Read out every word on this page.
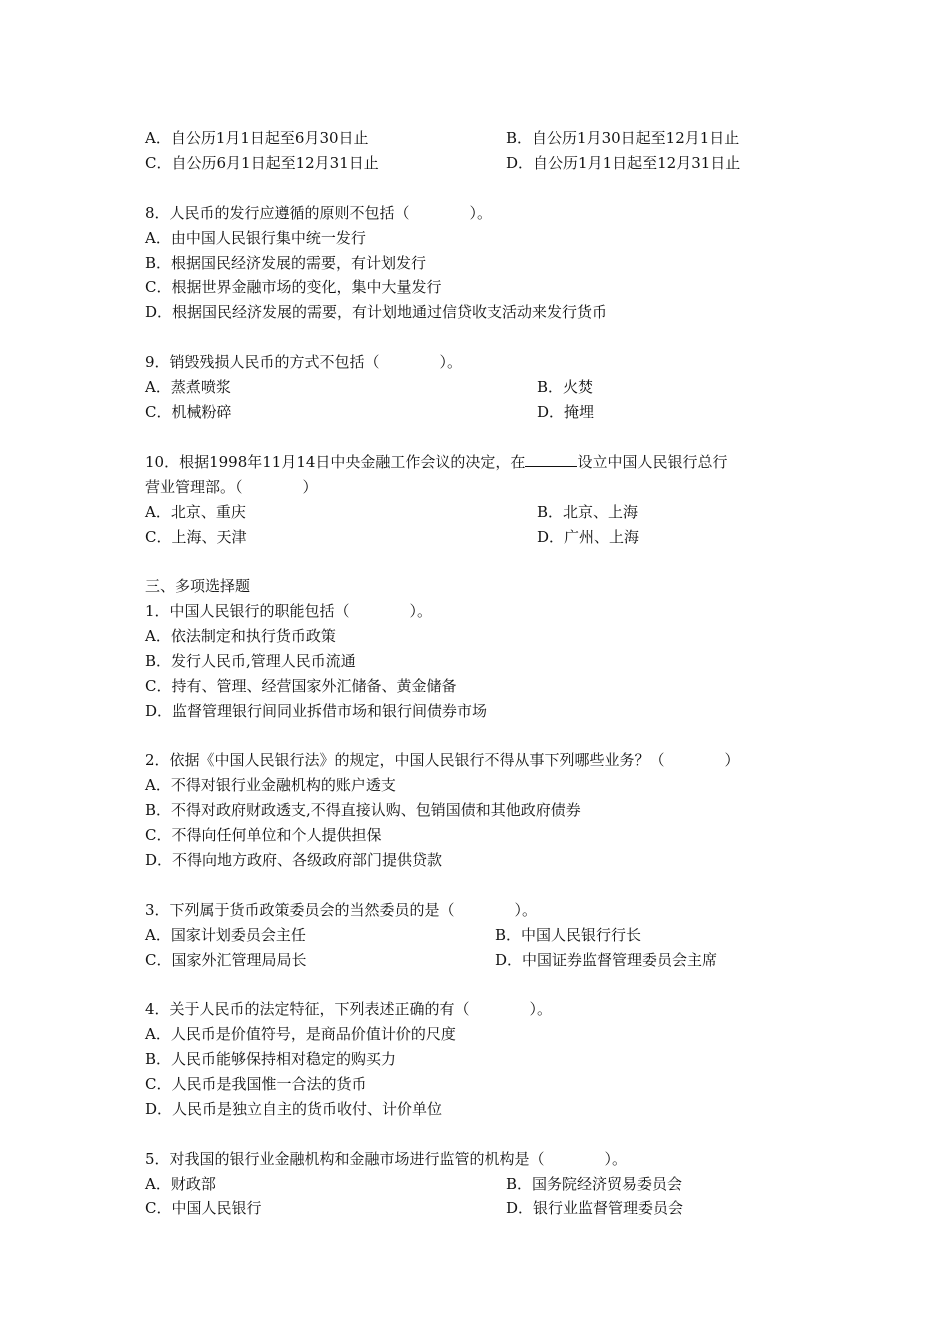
A．自公历1月1日起至6月30日止	B．自公历1月30日起至12月1日止
C．自公历6月1日起至12月31日止	D．自公历1月1日起至12月31日止
8．人民币的发行应遵循的原则不包括（　　　　）。
A．由中国人民银行集中统一发行
B．根据国民经济发展的需要，有计划发行
C．根据世界金融市场的变化，集中大量发行
D．根据国民经济发展的需要，有计划地通过信贷收支活动来发行货币
9．销毁残损人民币的方式不包括（　　　　）。
A．蒸煮喷浆	B．火焚
C．机械粉碎	D．掩埋
10．根据1998年11月14日中央金融工作会议的决定，在	设立中国人民银行总行
营业管理部。（　　　　）
A．北京、重庆	B．北京、上海
C．上海、天津	D．广州、上海
三、多项选择题
1．中国人民银行的职能包括（　　　　）。
A．依法制定和执行货币政策
B．发行人民币,管理人民币流通
C．持有、管理、经营国家外汇储备、黄金储备
D．监督管理银行间同业拆借市场和银行间债券市场
2．依据《中国人民银行法》的规定，中国人民银行不得从事下列哪些业务？（　　　　）
A．不得对银行业金融机构的账户透支
B．不得对政府财政透支,不得直接认购、包销国债和其他政府债券
C．不得向任何单位和个人提供担保
D．不得向地方政府、各级政府部门提供贷款
3．下列属于货币政策委员会的当然委员的是（　　　　）。
A．国家计划委员会主任	B．中国人民银行行长
C．国家外汇管理局局长	D．中国证券监督管理委员会主席
4．关于人民币的法定特征，下列表述正确的有（　　　　）。
A．人民币是价值符号，是商品价值计价的尺度
B．人民币能够保持相对稳定的购买力
C．人民币是我国惟一合法的货币
D．人民币是独立自主的货币收付、计价单位
5．对我国的银行业金融机构和金融市场进行监管的机构是（　　　　）。
A．财政部	B．国务院经济贸易委员会
C．中国人民银行	D．银行业监督管理委员会
